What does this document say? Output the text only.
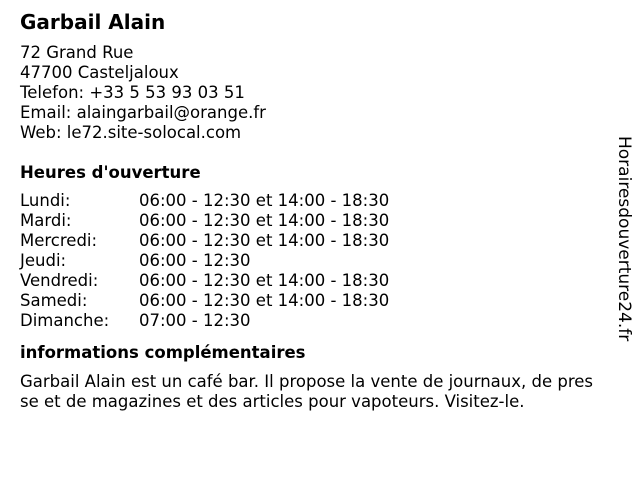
Garbail Alain
72 Grand Rue
47700 Casteljaloux
Telefon: +33 5 53 93 03 51
Email: alaingarbail@orange.fr
Web: le72.site-solocal.com
Heures d'ouverture
Lundi:	06:00 - 12:30 et 14:00 - 18:30
Mardi:	06:00 - 12:30 et 14:00 - 18:30
Mercredi:	06:00 - 12:30 et 14:00 - 18:30
Jeudi:	06:00 - 12:30
Vendredi:	06:00 - 12:30 et 14:00 - 18:30
Samedi:	06:00 - 12:30 et 14:00 - 18:30
Dimanche:	07:00 - 12:30
informations complémentaires

Garbail Alain est un café bar. Il propose la vente de journaux, de presse et de magazines et des articles pour vapoteurs. Visitez-le.

Horairesdouverture24.fr
